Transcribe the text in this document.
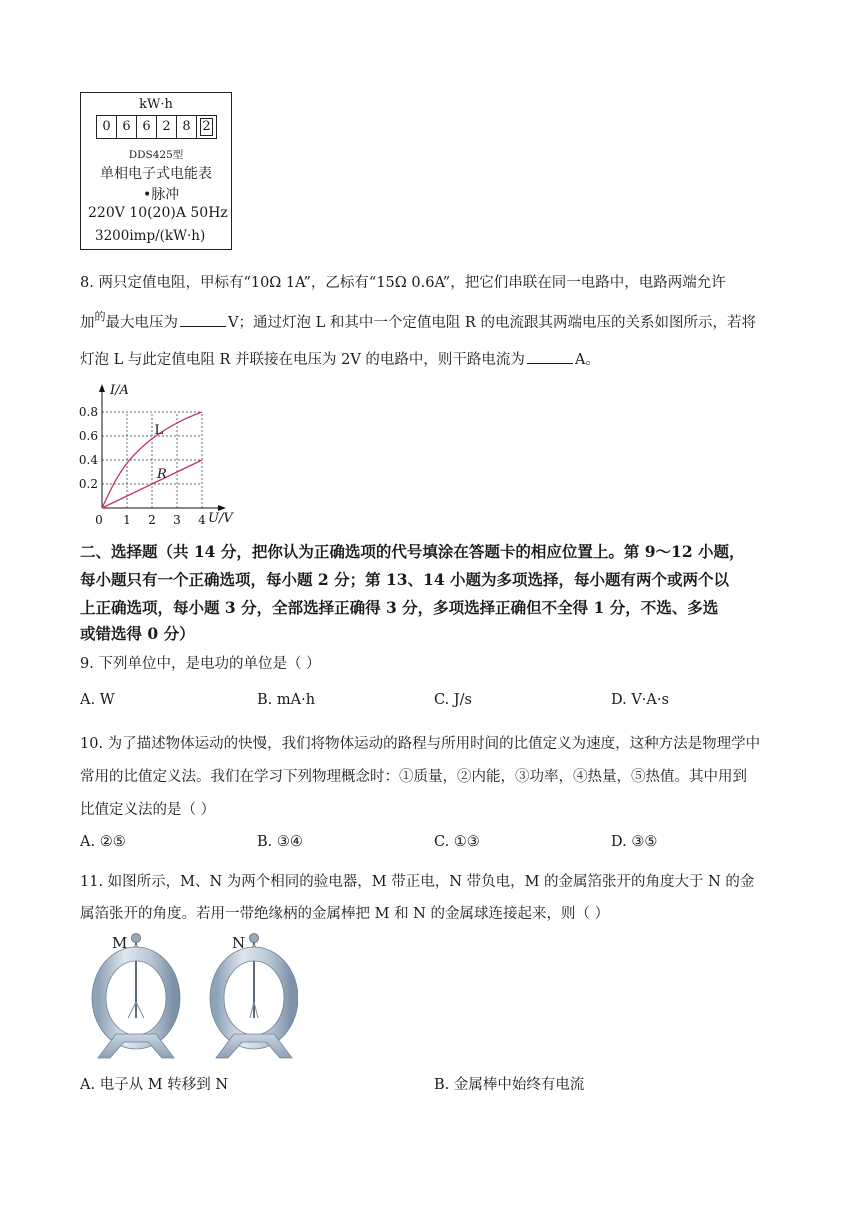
kW·h
0 6 6 2 8 2
DDS425型
单相电子式电能表
•脉冲
220V 10(20)A 50Hz
3200imp/(kW·h)
8. 两只定值电阻，甲标有“10Ω 1A”，乙标有“15Ω 0.6A”，把它们串联在同一电路中，电路两端允许
加$^的$最大电压为	V；通过灯泡 L 和其中一个定值电阻 R 的电流跟其两端电压的关系如图所示，若将
灯泡 L 与此定值电阻 R 并联接在电压为 2V 的电路中，则干路电流为	A。
0.2
0.4
0.6
0.8
1 2 3 4
0
I/A
U/V
L
R
二、选择题（共 14 分，把你认为正确选项的代号填涂在答题卡的相应位置上。第 9～12 小题，
每小题只有一个正确选项，每小题 2 分；第 13、14 小题为多项选择，每小题有两个或两个以
上正确选项，每小题 3 分，全部选择正确得 3 分，多项选择正确但不全得 1 分，不选、多选
或错选得 0 分）
9. 下列单位中，是电功的单位是（ ）
A. W	B. mA·h	C. J/s	D. V·A·s
10. 为了描述物体运动的快慢，我们将物体运动的路程与所用时间的比值定义为速度，这种方法是物理学中
常用的比值定义法。我们在学习下列物理概念时：①质量，②内能，③功率，④热量，⑤热值。其中用到
比值定义法的是（ ）
A. ②⑤	B. ③④	C. ①③	D. ③⑤
11. 如图所示，M、N 为两个相同的验电器，M 带正电，N 带负电，M 的金属箔张开的角度大于 N 的金
属箔张开的角度。若用一带绝缘柄的金属棒把 M 和 N 的金属球连接起来，则（ ）
M	N
A. 电子从 M 转移到 N	B. 金属棒中始终有电流
